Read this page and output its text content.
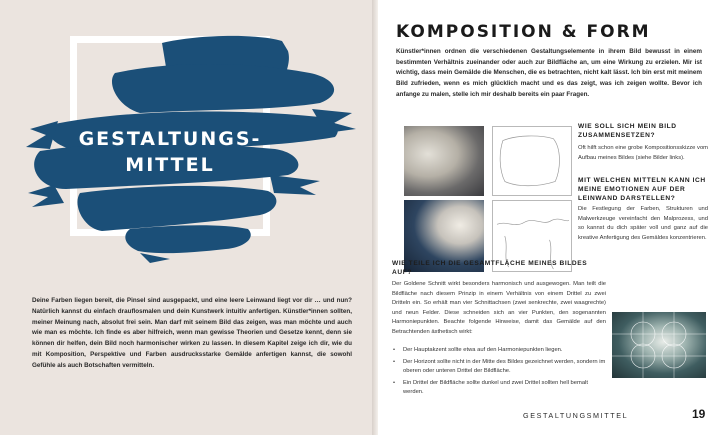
GESTALTUNGS-
MITTEL
Deine Farben liegen bereit, die Pinsel sind ausgepackt, und eine leere Leinwand liegt vor dir … und nun? Natürlich kannst du einfach drauflosmalen und dein Kunstwerk intuitiv anfertigen. Künstler*innen sollten, meiner Meinung nach, absolut frei sein. Man darf mit seinem Bild das zeigen, was man möchte und auch wie man es möchte. Ich finde es aber hilfreich, wenn man gewisse Theorien und Gesetze kennt, denn sie können dir helfen, dein Bild noch harmonischer wirken zu lassen. In diesem Kapitel zeige ich dir, wie du mit Komposition, Perspektive und Farben ausdrucksstarke Gemälde anfertigen kannst, die sowohl Gefühle als auch Botschaften vermitteln.
KOMPOSITION & FORM
Künstler*innen ordnen die verschiedenen Gestaltungselemente in ihrem Bild bewusst in einem bestimmten Verhältnis zueinander oder auch zur Bildfläche an, um eine Wirkung zu erzielen. Mir ist wichtig, dass mein Gemälde die Menschen, die es betrachten, nicht kalt lässt. Ich bin erst mit meinem Bild zufrieden, wenn es mich glücklich macht und es das zeigt, was ich zeigen wollte. Bevor ich anfange zu malen, stelle ich mir deshalb bereits ein paar Fragen.
WIE SOLL SICH MEIN BILD ZUSAMMENSETZEN?
Oft hilft schon eine grobe Kompositionsskizze vom Aufbau meines Bildes (siehe Bilder links).
MIT WELCHEN MITTELN KANN ICH MEINE EMOTIONEN AUF DER LEINWAND DARSTELLEN?
Die Festlegung der Farben, Strukturen und Malwerkzeuge vereinfacht den Malprozess, und so kannst du dich später voll und ganz auf die kreative Anfertigung des Gemäldes konzentrieren.
WIE TEILE ICH DIE GESAMTFLÄCHE MEINES BILDES AUF?
Der Goldene Schnitt wirkt besonders harmonisch und ausgewogen. Man teilt die Bildfläche nach diesem Prinzip in einem Verhältnis von einem Drittel zu zwei Dritteln ein. So erhält man vier Schnittachsen (zwei senkrechte, zwei waagrechte) und neun Felder. Diese schneiden sich an vier Punkten, den sogenannten Harmoniepunkten. Beachte folgende Hinweise, damit das Gemälde auf den Betrachtenden ästhetisch wirkt:
• Der Hauptakzent sollte etwa auf den Harmoniepunkten liegen.
• Der Horizont sollte nicht in der Mitte des Bildes gezeichnet werden, sondern im oberen oder unteren Drittel der Bildfläche.
• Ein Drittel der Bildfläche sollte dunkel und zwei Drittel sollten hell bemalt werden.
GESTALTUNGSMITTEL	19
